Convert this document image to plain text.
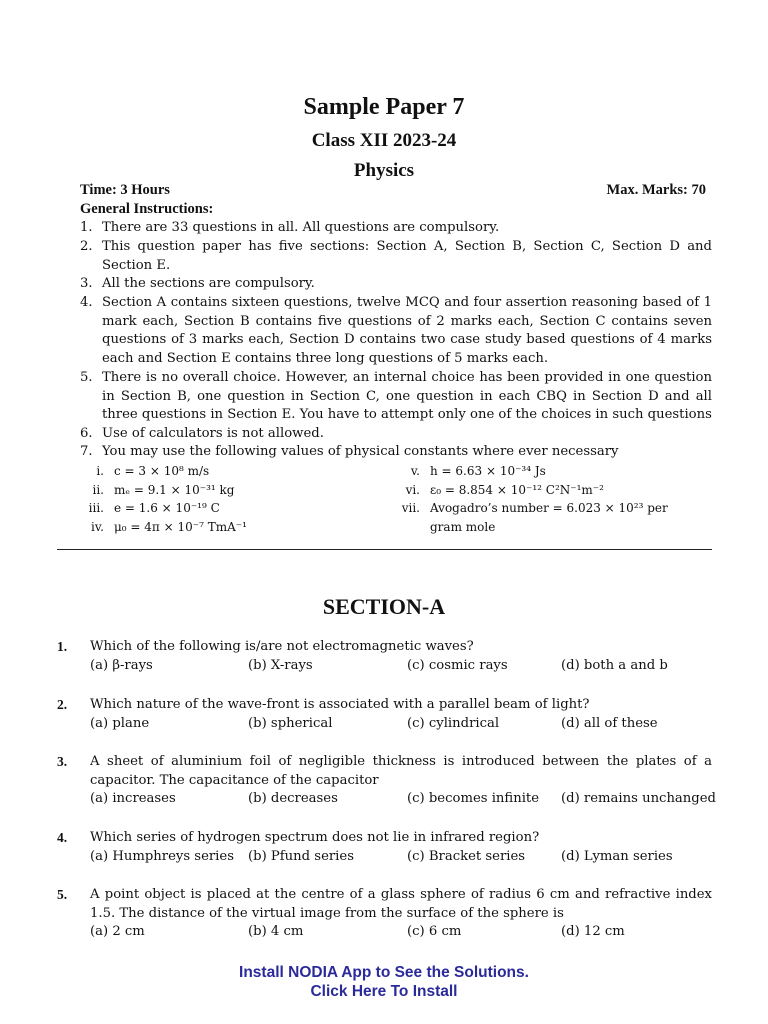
Sample Paper 7
Class XII 2023-24
Physics
Time: 3 Hours	Max. Marks: 70
General Instructions:
1. There are 33 questions in all. All questions are compulsory.
2. This question paper has five sections: Section A, Section B, Section C, Section D and Section E.
3. All the sections are compulsory.
4. Section A contains sixteen questions, twelve MCQ and four assertion reasoning based of 1 mark each, Section B contains five questions of 2 marks each, Section C contains seven questions of 3 marks each, Section D contains two case study based questions of 4 marks each and Section E contains three long questions of 5 marks each.
5. There is no overall choice. However, an internal choice has been provided in one question in Section B, one question in Section C, one question in each CBQ in Section D and all three questions in Section E. You have to attempt only one of the choices in such questions
6. Use of calculators is not allowed.
7. You may use the following values of physical constants where ever necessary
i. c = 3 × 10⁸ m/s
ii. mₑ = 9.1 × 10⁻³¹ kg
iii. e = 1.6 × 10⁻¹⁹ C
iv. μ₀ = 4π × 10⁻⁷ TmA⁻¹
v. h = 6.63 × 10⁻³⁴ Js
vi. ε₀ = 8.854 × 10⁻¹² C²N⁻¹m⁻²
vii. Avogadro’s number = 6.023 × 10²³ per
gram mole
SECTION-A
1. Which of the following is/are not electromagnetic waves?
(a) β-rays	(b) X-rays	(c) cosmic rays	(d) both a and b
2. Which nature of the wave-front is associated with a parallel beam of light?
(a) plane	(b) spherical	(c) cylindrical	(d) all of these
3. A sheet of aluminium foil of negligible thickness is introduced between the plates of a capacitor. The capacitance of the capacitor
(a) increases	(b) decreases	(c) becomes infinite (d) remains unchanged
4. Which series of hydrogen spectrum does not lie in infrared region?
(a) Humphreys series (b) Pfund series	(c) Bracket series	(d) Lyman series
5. A point object is placed at the centre of a glass sphere of radius 6 cm and refractive index 1.5. The distance of the virtual image from the surface of the sphere is
(a) 2 cm	(b) 4 cm	(c) 6 cm	(d) 12 cm
Install NODIA App to See the Solutions.
Click Here To Install
